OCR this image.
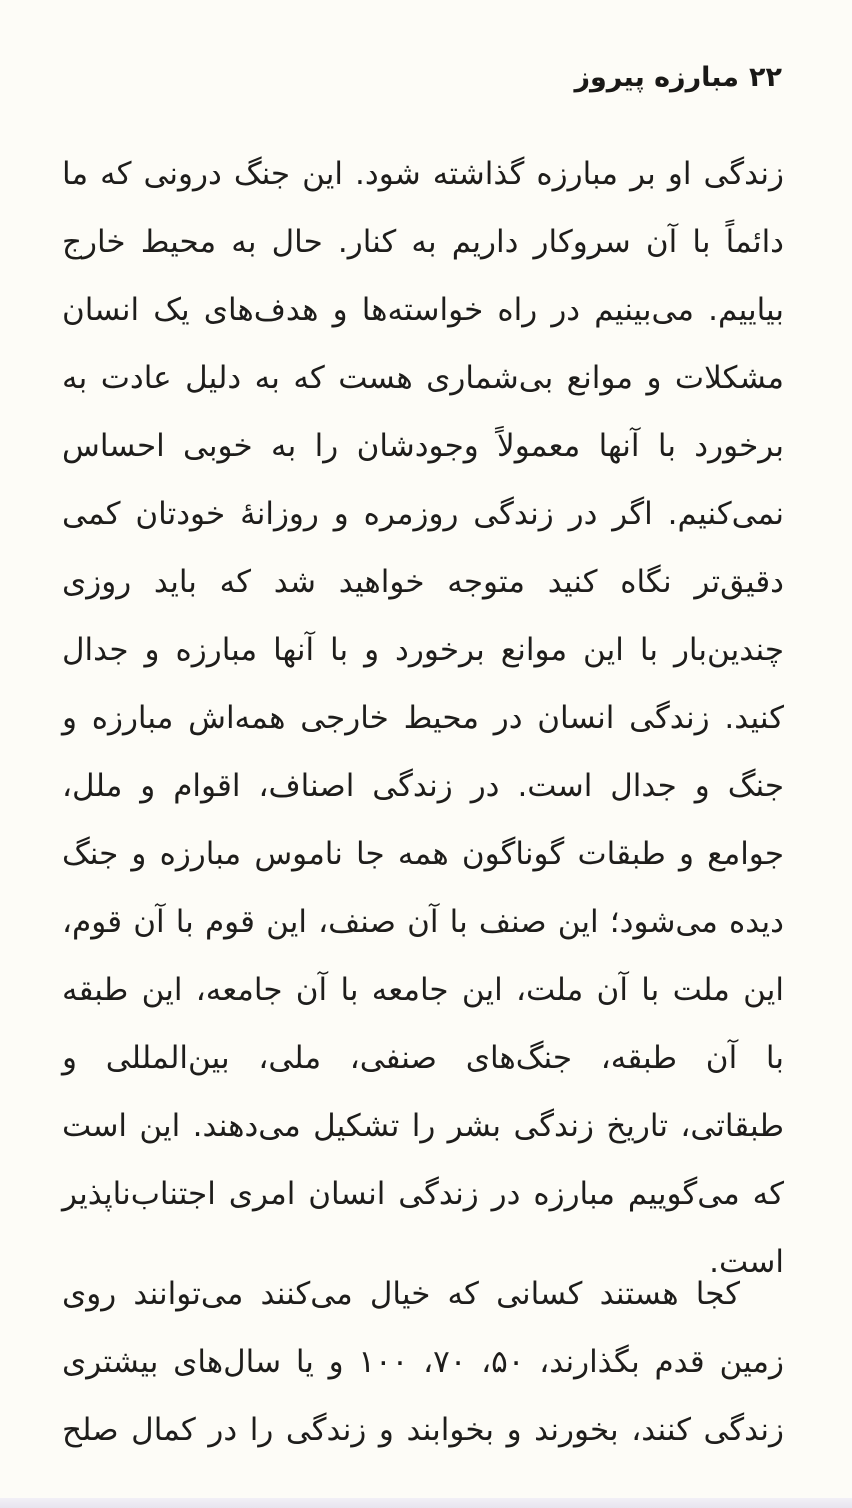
۲۲
مبارزه پیروز
زندگی او بر مبارزه گذاشته شود. این جنگ درونی که ما
دائماً با آن سروکار داریم به کنار. حال به محیط خارج
بیاییم. می‌بینیم در راه خواسته‌ها و هدف‌های یک انسان
مشکلات و موانع بی‌شماری هست که به دلیل عادت به
برخورد با آنها معمولاً وجودشان را به خوبی احساس
نمی‌کنیم. اگر در زندگی روزمره و روزانهٔ خودتان کمی
دقیق‌تر نگاه کنید متوجه خواهید شد که باید روزی
چندین‌بار با این موانع برخورد و با آنها مبارزه و جدال
کنید. زندگی انسان در محیط خارجی همه‌اش مبارزه و
جنگ و جدال است. در زندگی اصناف، اقوام و ملل،
جوامع و طبقات گوناگون همه جا ناموس مبارزه و جنگ
دیده می‌شود؛ این صنف با آن صنف، این قوم با آن قوم،
این ملت با آن ملت، این جامعه با آن جامعه، این طبقه
با آن طبقه، جنگ‌های صنفی، ملی، بین‌المللی و
طبقاتی، تاریخ زندگی بشر را تشکیل می‌دهند. این است
که می‌گوییم مبارزه در زندگی انسان امری اجتناب‌ناپذیر
است.
کجا هستند کسانی که خیال می‌کنند می‌توانند روی
زمین قدم بگذارند، ۵۰، ۷۰، ۱۰۰ و یا سال‌های بیشتری
زندگی کنند، بخورند و بخوابند و زندگی را در کمال صلح
